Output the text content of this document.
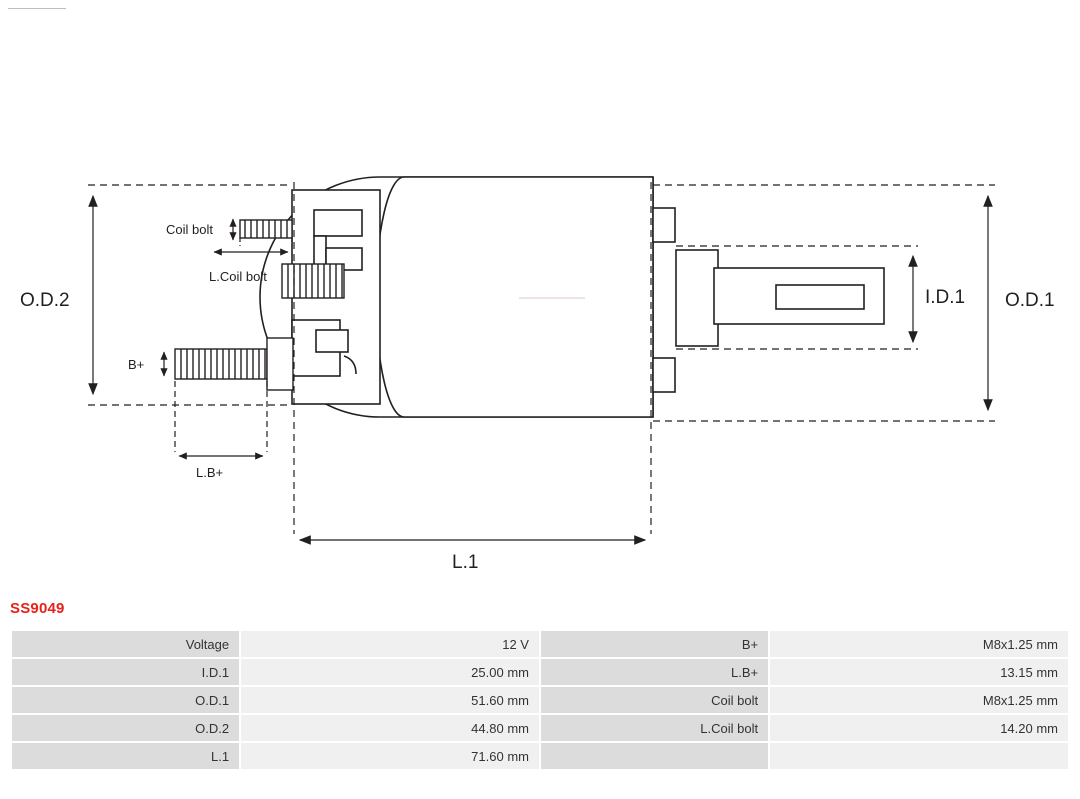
O.D.2	O.D.1
I.D.1
L.1
L.B+
B+
Coil bolt
L.Coil bolt
SS9049
Voltage	12 V	B+	M8x1.25 mm
I.D.1	25.00 mm	L.B+	13.15 mm
O.D.1	51.60 mm	Coil bolt	M8x1.25 mm
O.D.2	44.80 mm	L.Coil bolt	14.20 mm
L.1	71.60 mm		
